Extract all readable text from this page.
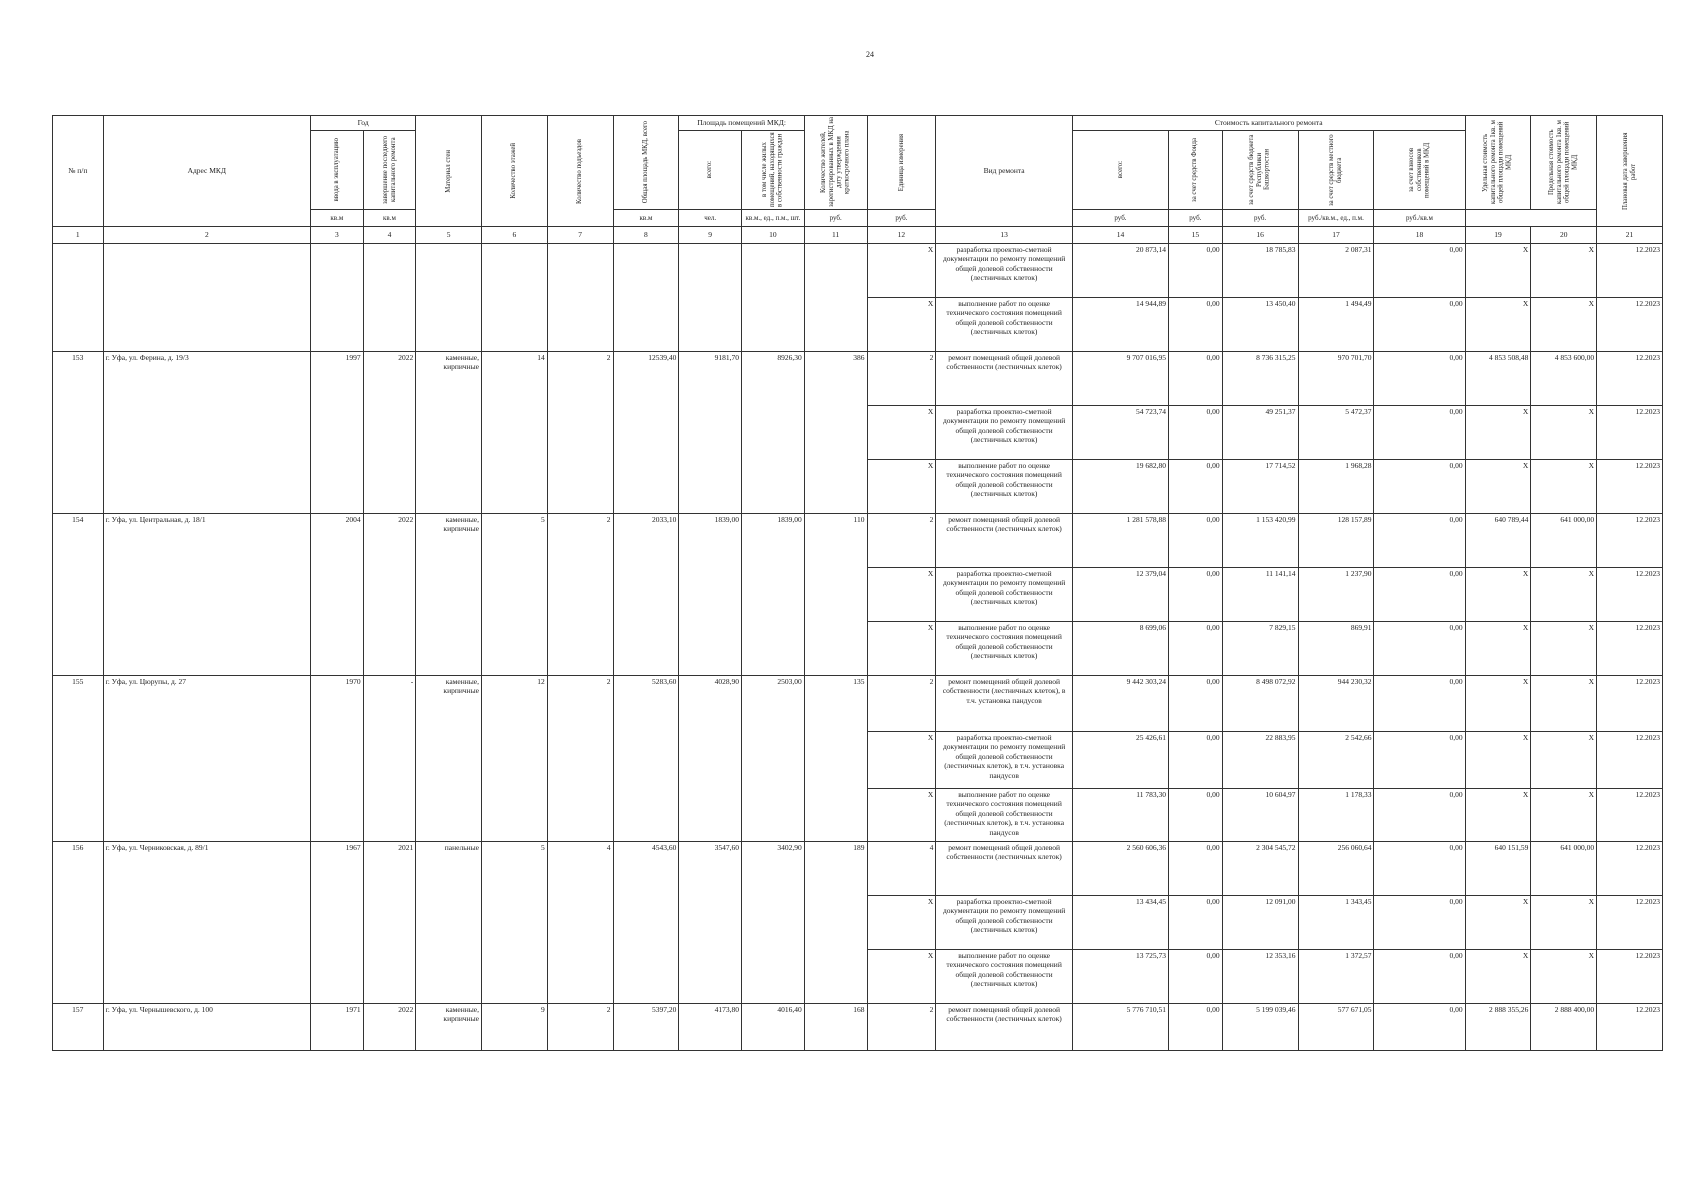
24
№ п/п	Адрес МКД	Год		Материал стен	Количество этажей	Количество подъездов	Общая площадь МКД, всего	Площадь помещений МКД:		Количество жителей, зарегистрированных в МКД на дату утверждения краткосрочного плана	Единица измерения	Вид ремонта	Стоимость капитального ремонта					Удельная стоимость капитального ремонта 1кв. м общей площади помещений МКД	Предельная стоимость капитального ремонта 1кв. м общей площади помещений МКД	Плановая дата завершения работ

		ввода в эксплуатацию	завершение последнего капитального ремонта					всего:	в том числе жилых помещений, находящихся в собственности граждан				всего:	за счет средств Фонда	за счет средств бюджета Республики Башкортостан	за счет средств местного бюджета	за счет взносов собственников помещений в МКД			

		кв.м	кв.м				кв.м	чел.	кв.м., ед., п.м., шт.	руб.	руб.		руб.	руб.	руб.	руб./кв.м., ед., п.м.	руб./кв.м			
1	2	3	4	5	6	7	8	9	10	11	12	13	14	15	16	17	18	19	20	21
											X	разработка проектно-сметной документации по ремонту помещений общей долевой собственности (лестничных клеток)	20 873,14	0,00	18 785,83	2 087,31	0,00	X	X	12.2023
											X	выполнение работ по оценке технического состояния помещений общей долевой собственности (лестничных клеток)	14 944,89	0,00	13 450,40	1 494,49	0,00	X	X	12.2023
153	г. Уфа, ул. Ферина, д. 19/3	1997	2022	каменные, кирпичные	14	2	12539,40	9181,70	8926,30	386	2	ремонт помещений общей долевой собственности (лестничных клеток)	9 707 016,95	0,00	8 736 315,25	970 701,70	0,00	4 853 508,48	4 853 600,00	12.2023
											X	разработка проектно-сметной документации по ремонту помещений общей долевой собственности (лестничных клеток)	54 723,74	0,00	49 251,37	5 472,37	0,00	X	X	12.2023
											X	выполнение работ по оценке технического состояния помещений общей долевой собственности (лестничных клеток)	19 682,80	0,00	17 714,52	1 968,28	0,00	X	X	12.2023
154	г. Уфа, ул. Центральная, д. 18/1	2004	2022	каменные, кирпичные	5	2	2033,10	1839,00	1839,00	110	2	ремонт помещений общей долевой собственности (лестничных клеток)	1 281 578,88	0,00	1 153 420,99	128 157,89	0,00	640 789,44	641 000,00	12.2023
											X	разработка проектно-сметной документации по ремонту помещений общей долевой собственности (лестничных клеток)	12 379,04	0,00	11 141,14	1 237,90	0,00	X	X	12.2023
											X	выполнение работ по оценке технического состояния помещений общей долевой собственности (лестничных клеток)	8 699,06	0,00	7 829,15	869,91	0,00	X	X	12.2023
155	г. Уфа, ул. Цюрупы, д. 27	1970	-	каменные, кирпичные	12	2	5283,60	4028,90	2503,00	135	2	ремонт помещений общей долевой собственности (лестничных клеток), в т.ч. установка пандусов	9 442 303,24	0,00	8 498 072,92	944 230,32	0,00	X	X	12.2023
											X	разработка проектно-сметной документации по ремонту помещений общей долевой собственности (лестничных клеток), в т.ч. установка пандусов	25 426,61	0,00	22 883,95	2 542,66	0,00	X	X	12.2023
											X	выполнение работ по оценке технического состояния помещений общей долевой собственности (лестничных клеток), в т.ч. установка пандусов	11 783,30	0,00	10 604,97	1 178,33	0,00	X	X	12.2023
156	г. Уфа, ул. Черниковская, д. 89/1	1967	2021	панельные	5	4	4543,60	3547,60	3402,90	189	4	ремонт помещений общей долевой собственности (лестничных клеток)	2 560 606,36	0,00	2 304 545,72	256 060,64	0,00	640 151,59	641 000,00	12.2023
											X	разработка проектно-сметной документации по ремонту помещений общей долевой собственности (лестничных клеток)	13 434,45	0,00	12 091,00	1 343,45	0,00	X	X	12.2023
											X	выполнение работ по оценке технического состояния помещений общей долевой собственности (лестничных клеток)	13 725,73	0,00	12 353,16	1 372,57	0,00	X	X	12.2023
157	г. Уфа, ул. Чернышевского, д. 100	1971	2022	каменные, кирпичные	9	2	5397,20	4173,80	4016,40	168	2	ремонт помещений общей долевой собственности (лестничных клеток)	5 776 710,51	0,00	5 199 039,46	577 671,05	0,00	2 888 355,26	2 888 400,00	12.2023
